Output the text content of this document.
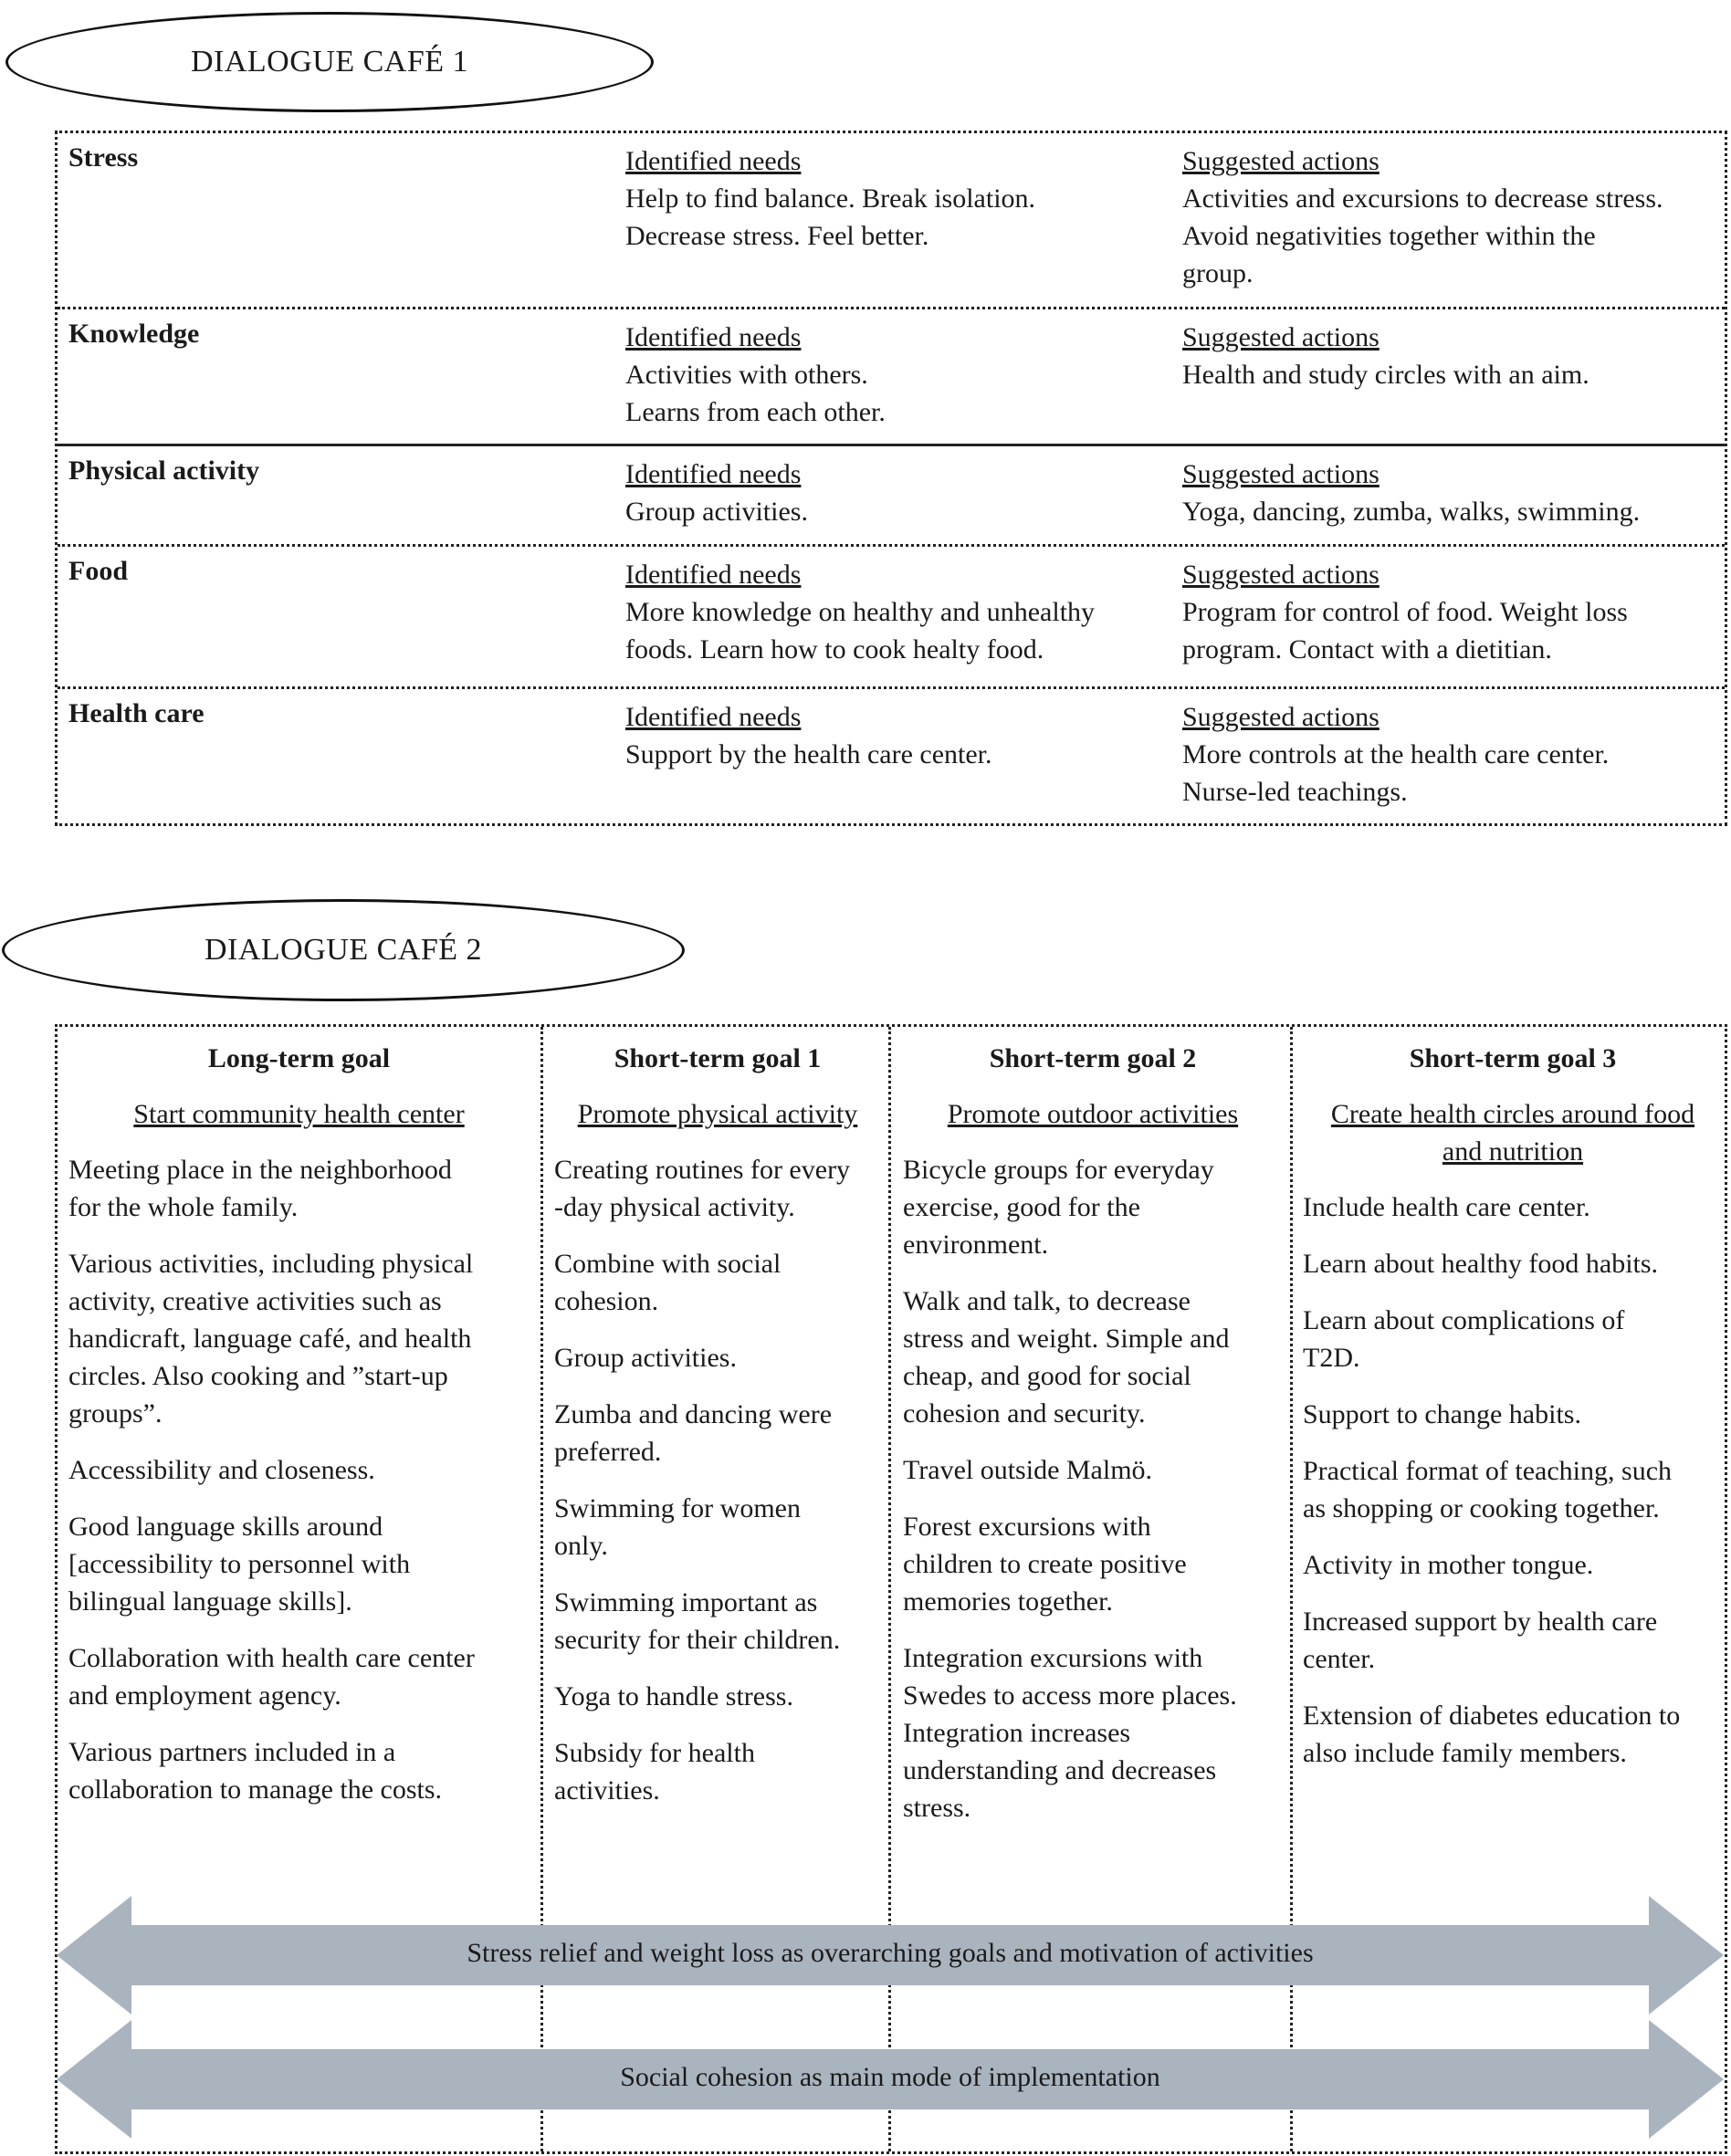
DIALOGUE CAFÉ 1
Stress	Identified needs
Help to find balance. Break isolation.
Decrease stress. Feel better.
Suggested actions
Activities and excursions to decrease stress.
Avoid negativities together within the
group.
Knowledge	Identified needs
Activities with others.
Learns from each other.
Suggested actions
Health and study circles with an aim.
Physical activity	Identified needs
Group activities.
Suggested actions
Yoga, dancing, zumba, walks, swimming.
Food	Identified needs
More knowledge on healthy and unhealthy
foods. Learn how to cook healty food.
Suggested actions
Program for control of food. Weight loss
program. Contact with a dietitian.
Health care	Identified needs
Support by the health care center.
Suggested actions
More controls at the health care center.
Nurse-led teachings.
DIALOGUE CAFÉ 2
Long-term goal
Start community health center
Meeting place in the neighborhood
for the whole family.
Various activities, including physical
activity, creative activities such as
handicraft, language café, and health
circles. Also cooking and ”start-up
groups”.
Accessibility and closeness.
Good language skills around
[accessibility to personnel with
bilingual language skills].
Collaboration with health care center
and employment agency.
Various partners included in a
collaboration to manage the costs.
Short-term goal 1
Promote physical activity
Creating routines for every
-day physical activity.
Combine with social
cohesion.
Group activities.
Zumba and dancing were
preferred.
Swimming for women
only.
Swimming important as
security for their children.
Yoga to handle stress.
Subsidy for health
activities.
Short-term goal 2
Promote outdoor activities
Bicycle groups for everyday
exercise, good for the
environment.
Walk and talk, to decrease
stress and weight. Simple and
cheap, and good for social
cohesion and security.
Travel outside Malmö.
Forest excursions with
children to create positive
memories together.
Integration excursions with
Swedes to access more places.
Integration increases
understanding and decreases
stress.
Short-term goal 3
Create health circles around food
and nutrition
Include health care center.
Learn about healthy food habits.
Learn about complications of
T2D.
Support to change habits.
Practical format of teaching, such
as shopping or cooking together.
Activity in mother tongue.
Increased support by health care
center.
Extension of diabetes education to
also include family members.
Stress relief and weight loss as overarching goals and motivation of activities
Social cohesion as main mode of implementation
